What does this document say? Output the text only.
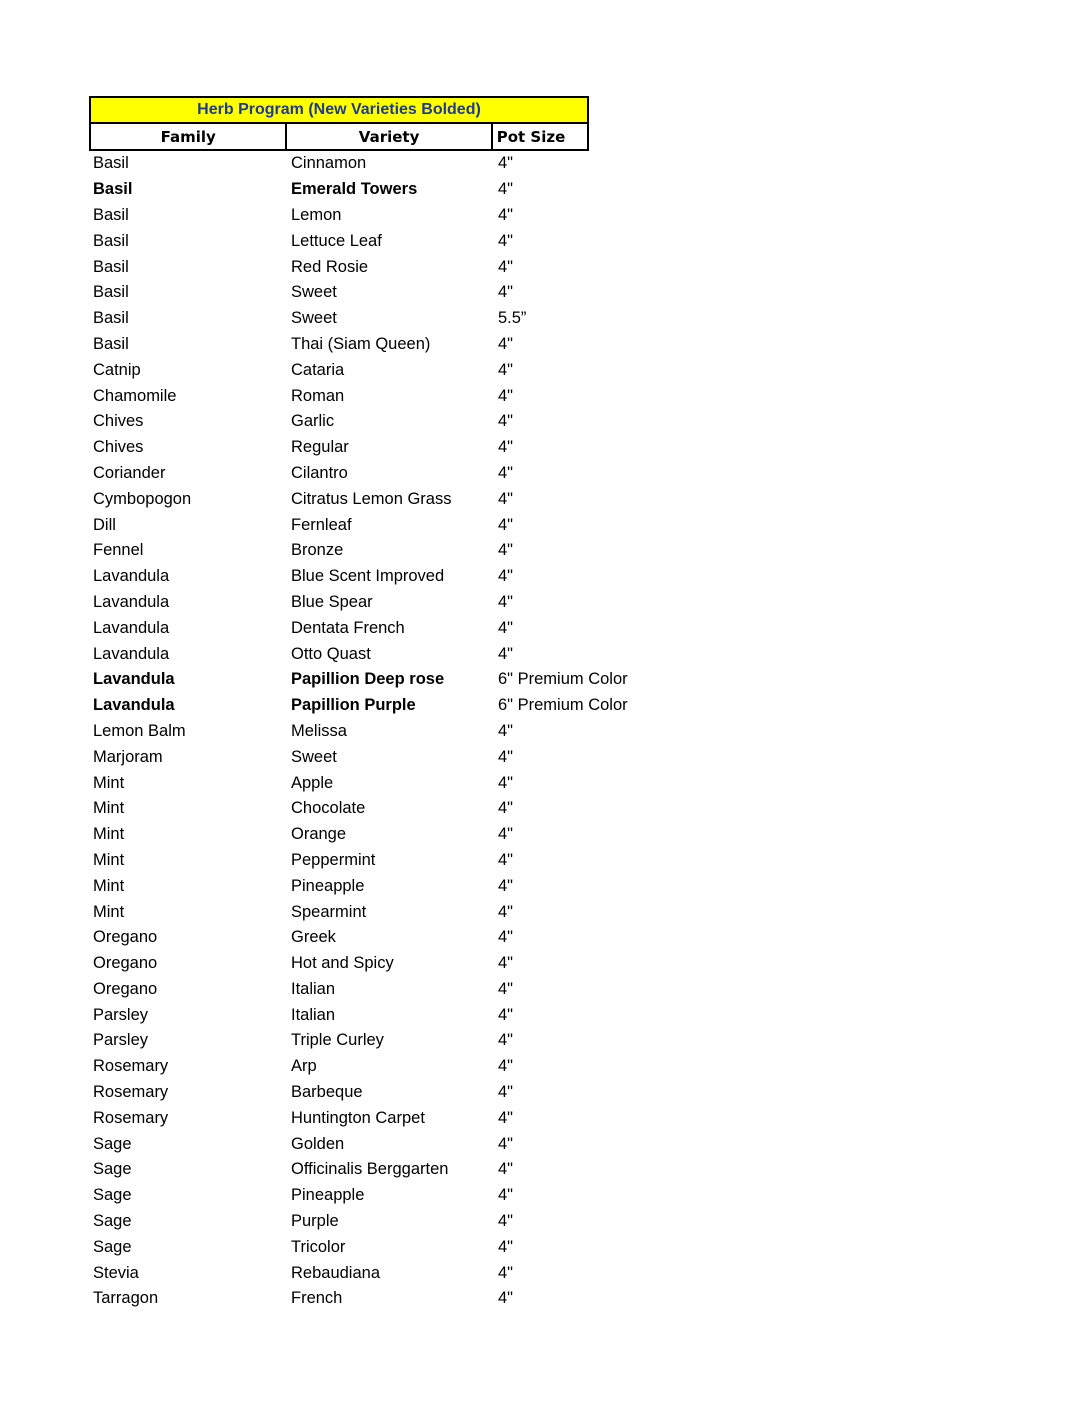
Herb Program (New Varieties Bolded)
Family	Variety	Pot Size
Basil	Cinnamon	4"
Basil	Emerald Towers	4"
Basil	Lemon	4"
Basil	Lettuce Leaf	4"
Basil	Red Rosie	4"
Basil	Sweet	4"
Basil	Sweet	5.5”
Basil	Thai (Siam Queen)	4"
Catnip	Cataria	4"
Chamomile	Roman	4"
Chives	Garlic	4"
Chives	Regular	4"
Coriander	Cilantro	4"
Cymbopogon	Citratus Lemon Grass	4"
Dill	Fernleaf	4"
Fennel	Bronze	4"
Lavandula	Blue Scent Improved	4"
Lavandula	Blue Spear	4"
Lavandula	Dentata French	4"
Lavandula	Otto Quast	4"
Lavandula	Papillion Deep rose	6" Premium Color
Lavandula	Papillion Purple	6" Premium Color
Lemon Balm	Melissa	4"
Marjoram	Sweet	4"
Mint	Apple	4"
Mint	Chocolate	4"
Mint	Orange	4"
Mint	Peppermint	4"
Mint	Pineapple	4"
Mint	Spearmint	4"
Oregano	Greek	4"
Oregano	Hot and Spicy	4"
Oregano	Italian	4"
Parsley	Italian	4"
Parsley	Triple Curley	4"
Rosemary	Arp	4"
Rosemary	Barbeque	4"
Rosemary	Huntington Carpet	4"
Sage	Golden	4"
Sage	Officinalis Berggarten	4"
Sage	Pineapple	4"
Sage	Purple	4"
Sage	Tricolor	4"
Stevia	Rebaudiana	4"
Tarragon	French	4"
